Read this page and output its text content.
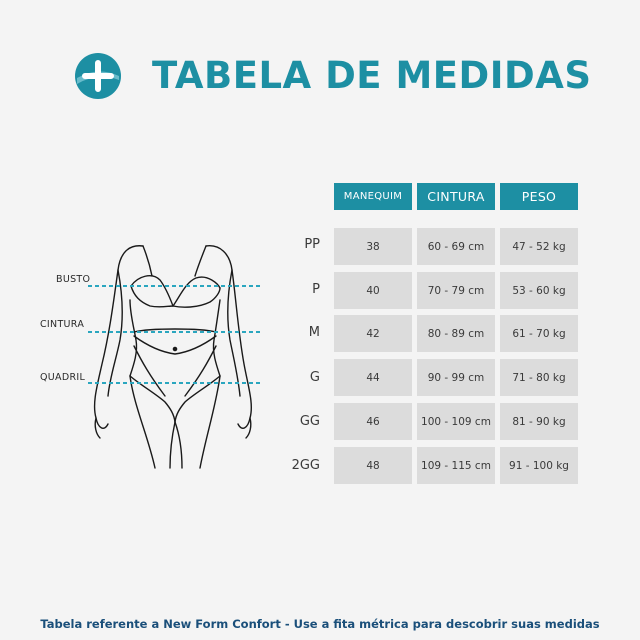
TABELA DE MEDIDAS
BUSTO
CINTURA
QUADRIL
MANEQUIM	CINTURA	PESO
PP	38	60 - 69 cm	47 - 52 kg
P	40	70 - 79 cm	53 - 60 kg
M	42	80 - 89 cm	61 - 70 kg
G	44	90 - 99 cm	71 - 80 kg
GG	46	100 - 109 cm	81 - 90 kg
2GG	48	109 - 115 cm	91 - 100 kg
Tabela referente a New Form Confort - Use a fita métrica para descobrir suas medidas
